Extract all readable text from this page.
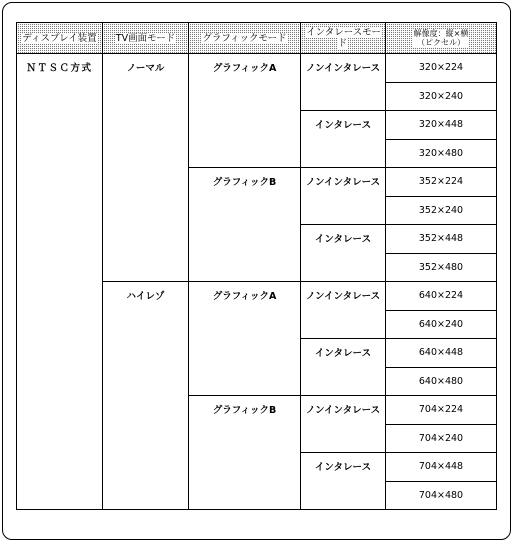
ディスプレイ装置	TV画面モード	グラフィックモード	インタレースモード	解像度：縦×横
（ピクセル）
ＮＴＳＣ方式	ノーマル	グラフィックA	ノンインタレース	320×224
				320×240
			インタレース	320×448
				320×480
		グラフィックB	ノンインタレース	352×224
				352×240
			インタレース	352×448
				352×480
	ハイレゾ	グラフィックA	ノンインタレース	640×224
				640×240
			インタレース	640×448
				640×480
		グラフィックB	ノンインタレース	704×224
				704×240
			インタレース	704×448
				704×480
